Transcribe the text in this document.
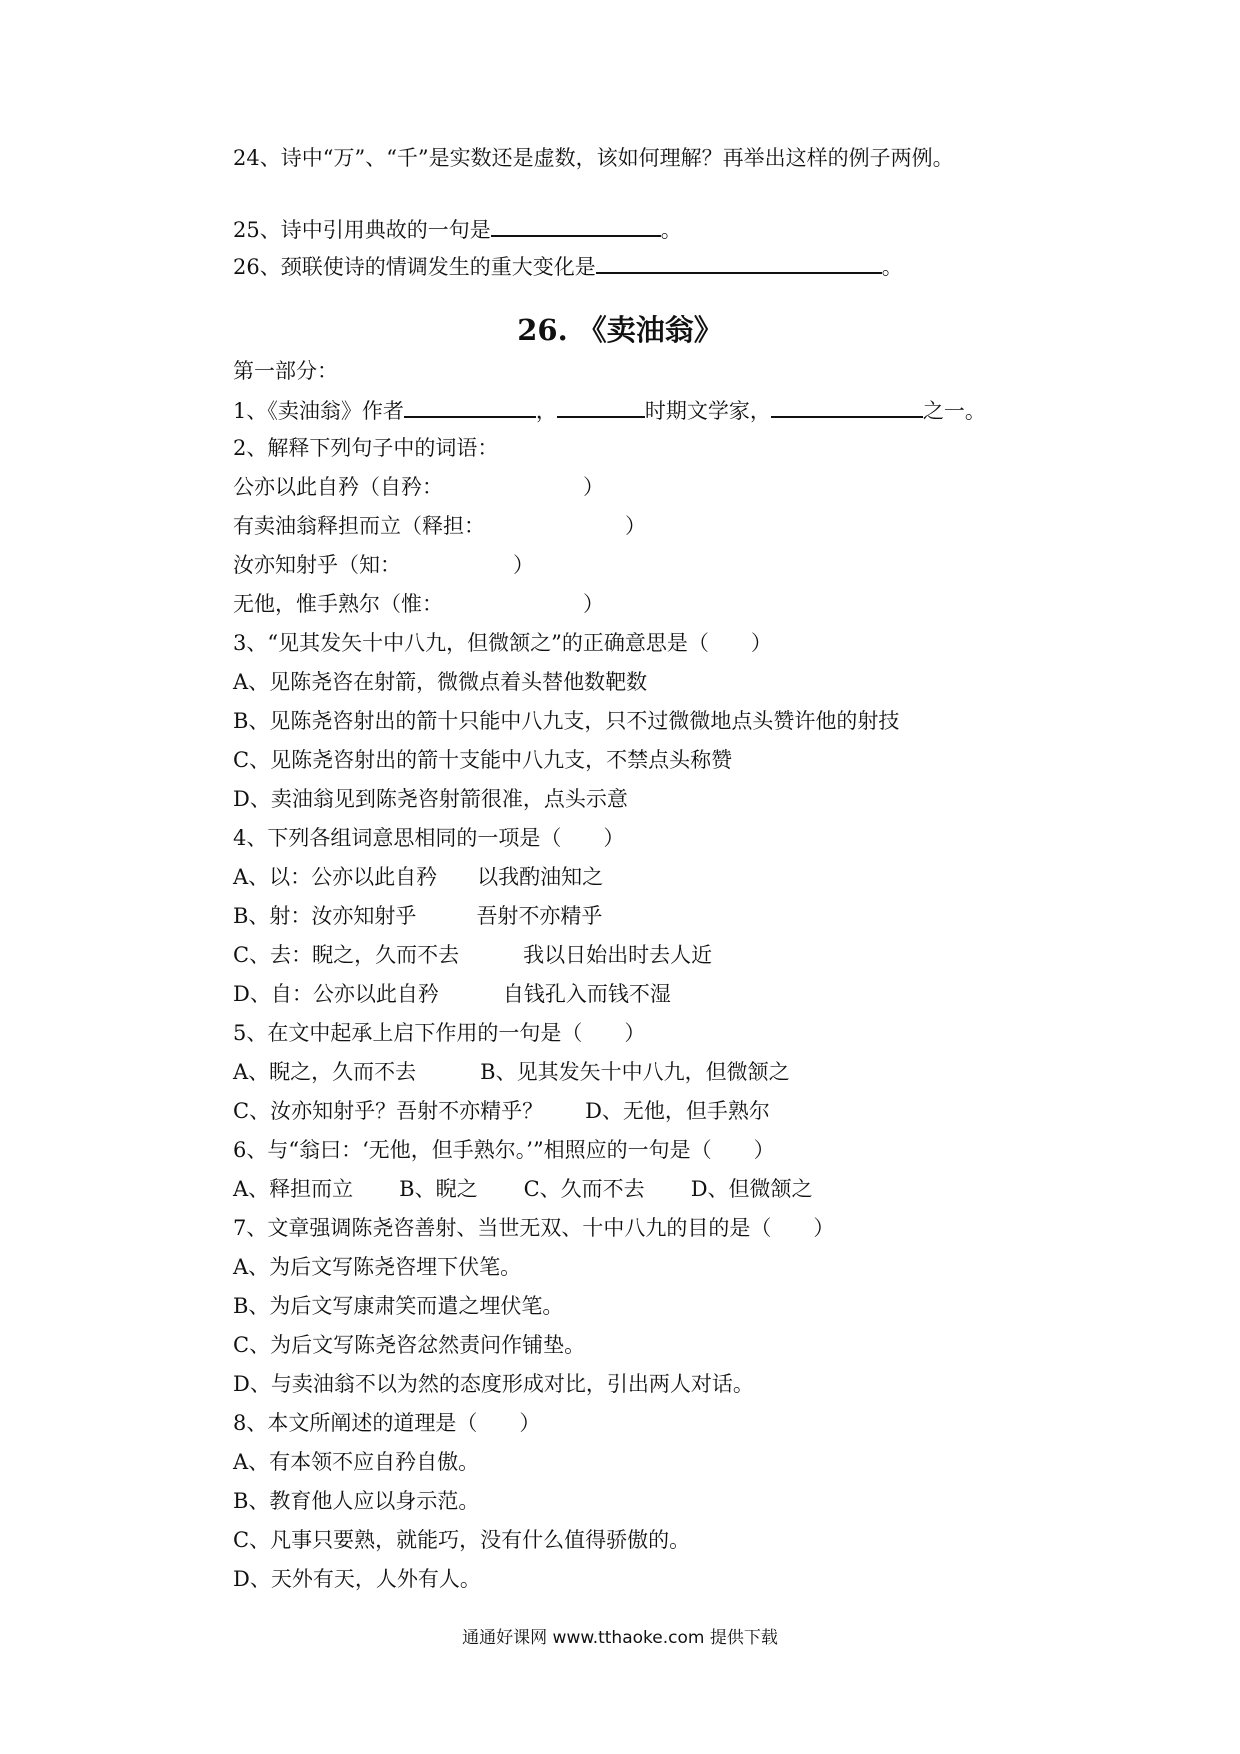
24、诗中“万”、“千”是实数还是虚数，该如何理解？再举出这样的例子两例。
25、诗中引用典故的一句是	。
26、颈联使诗的情调发生的重大变化是	。
26. 《卖油翁》
第一部分：
1、《卖油翁》作者	，	时期文学家，	之一。
2、解释下列句子中的词语：
公亦以此自矜（自矜：	）
有卖油翁释担而立（释担：	）
汝亦知射乎（知：	）
无他，惟手熟尔（惟：	）
3、“见其发矢十中八九，但微颔之”的正确意思是（　　）
A、见陈尧咨在射箭，微微点着头替他数靶数
B、见陈尧咨射出的箭十只能中八九支，只不过微微地点头赞许他的射技
C、见陈尧咨射出的箭十支能中八九支，不禁点头称赞
D、卖油翁见到陈尧咨射箭很准，点头示意
4、下列各组词意思相同的一项是（　　）
A、以：公亦以此自矜 以我酌油知之
B、射：汝亦知射乎	吾射不亦精乎
C、去：睨之，久而不去	我以日始出时去人近
D、自：公亦以此自矜	自钱孔入而钱不湿
5、在文中起承上启下作用的一句是（　　）
A、睨之，久而不去	B、见其发矢十中八九，但微颔之
C、汝亦知射乎？吾射不亦精乎？ D、无他，但手熟尔
6、与“翁曰：‘无他，但手熟尔。’”相照应的一句是（　　）
A、释担而立 B、睨之 C、久而不去 D、但微颔之
7、文章强调陈尧咨善射、当世无双、十中八九的目的是（　　）
A、为后文写陈尧咨埋下伏笔。
B、为后文写康肃笑而遣之埋伏笔。
C、为后文写陈尧咨忿然责问作铺垫。
D、与卖油翁不以为然的态度形成对比，引出两人对话。
8、本文所阐述的道理是（　　）
A、有本领不应自矜自傲。
B、教育他人应以身示范。
C、凡事只要熟，就能巧，没有什么值得骄傲的。
D、天外有天，人外有人。
通通好课网 www.tthaoke.com 提供下载
